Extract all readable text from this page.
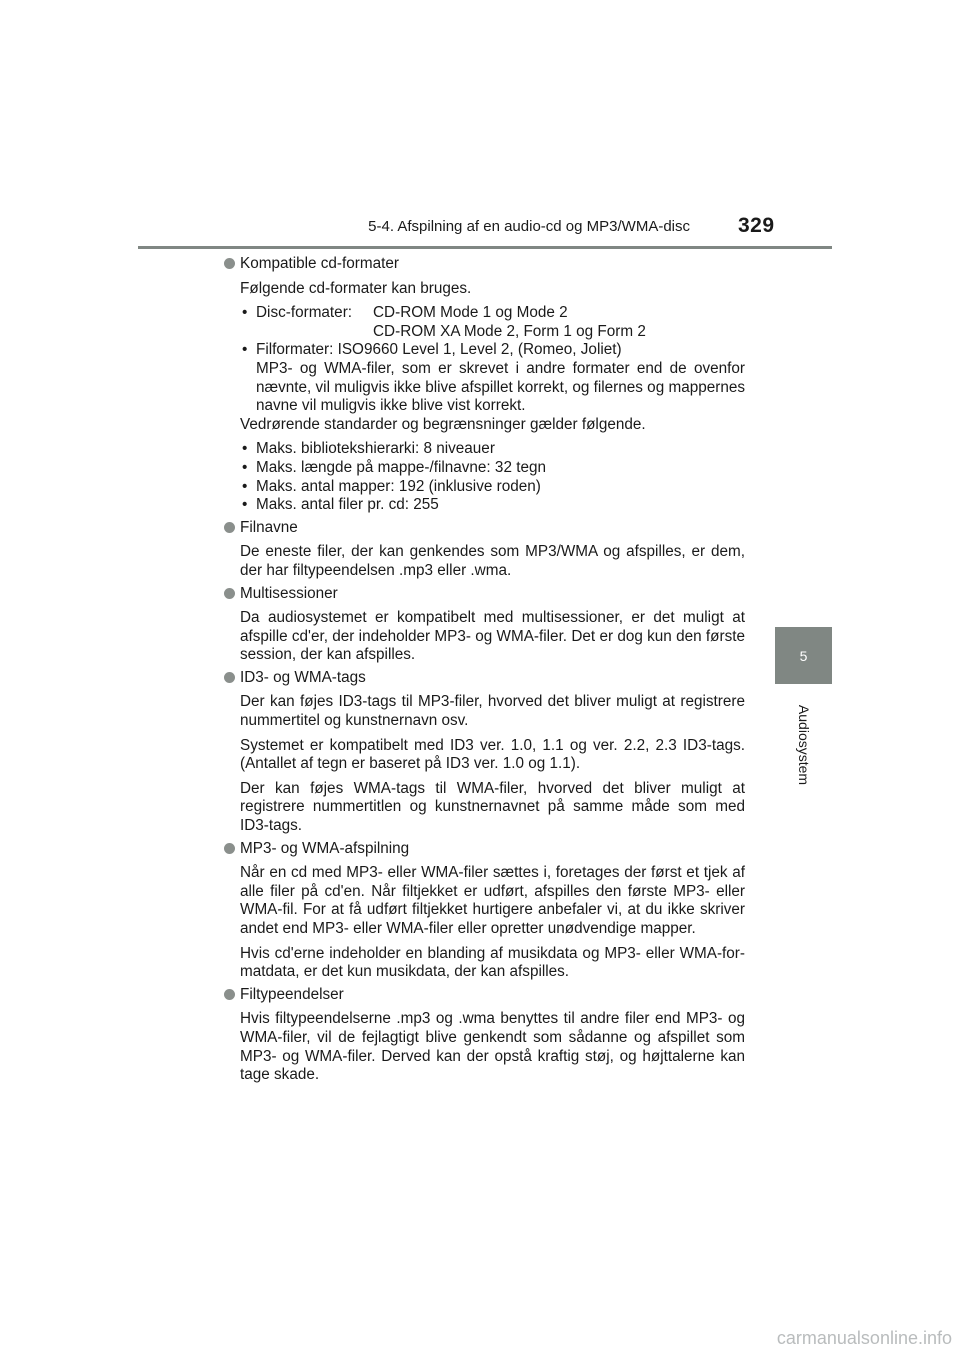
5-4. Afspilning af en audio-cd og MP3/WMA-disc 329
5
Audiosystem
Kompatible cd-formater

Følgende cd-formater kan bruges.

• Disc-formater: CD-ROM Mode 1 og Mode 2
CD-ROM XA Mode 2, Form 1 og Form 2
• Filformater: ISO9660 Level 1, Level 2, (Romeo, Joliet)
MP3- og WMA-filer, som er skrevet i andre formater end de ovenfor nævnte, vil muligvis ikke blive afspillet korrekt, og filernes og mappernes navne vil muligvis ikke blive vist korrekt.

Vedrørende standarder og begrænsninger gælder følgende.

• Maks. bibliotekshierarki: 8 niveauer
• Maks. længde på mappe-/filnavne: 32 tegn
• Maks. antal mapper: 192 (inklusive roden)
• Maks. antal filer pr. cd: 255
Filnavne

De eneste filer, der kan genkendes som MP3/WMA og afspilles, er dem, der har filtypeendelsen .mp3 eller .wma.

Multisessioner

Da audiosystemet er kompatibelt med multisessioner, er det muligt at afspille cd'er, der indeholder MP3- og WMA-filer. Det er dog kun den første session, der kan afspilles.

ID3- og WMA-tags

Der kan føjes ID3-tags til MP3-filer, hvorved det bliver muligt at registrere nummertitel og kunstnernavn osv.

Systemet er kompatibelt med ID3 ver. 1.0, 1.1 og ver. 2.2, 2.3 ID3-tags. (Antallet af tegn er baseret på ID3 ver. 1.0 og 1.1).

Der kan føjes WMA-tags til WMA-filer, hvorved det bliver muligt at registrere nummertitlen og kunstnernavnet på samme måde som med ID3-tags.

MP3- og WMA-afspilning

Når en cd med MP3- eller WMA-filer sættes i, foretages der først et tjek af alle filer på cd'en. Når filtjekket er udført, afspilles den første MP3- eller WMA-fil. For at få udført filtjekket hurtigere anbefaler vi, at du ikke skriver andet end MP3- eller WMA-filer eller opretter unødvendige mapper.

Hvis cd'erne indeholder en blanding af musikdata og MP3- eller WMA-for-matdata, er det kun musikdata, der kan afspilles.

Filtypeendelser

Hvis filtypeendelserne .mp3 og .wma benyttes til andre filer end MP3- og WMA-filer, vil de fejlagtigt blive genkendt som sådanne og afspillet som MP3- og WMA-filer. Derved kan der opstå kraftig støj, og højttalerne kan tage skade.

carmanualsonline.info
